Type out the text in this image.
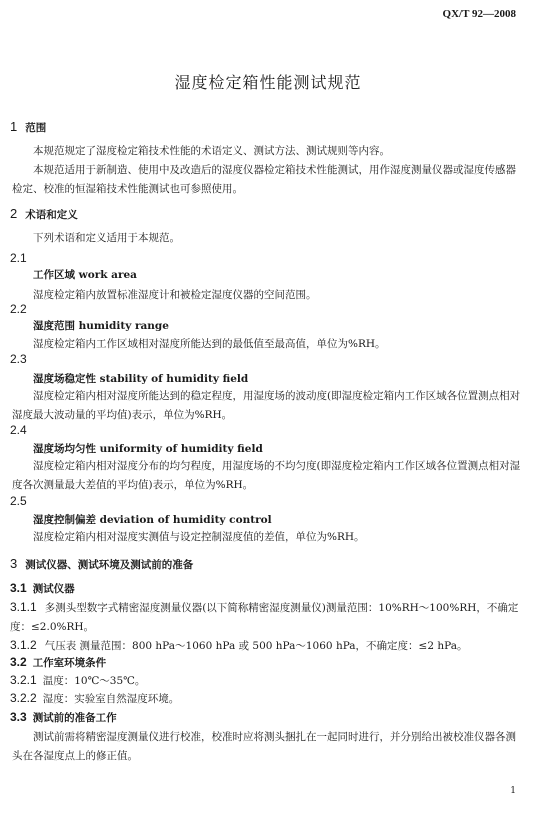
QX/T 92—2008
湿度检定箱性能测试规范
1 范围
本规范规定了湿度检定箱技术性能的术语定义、测试方法、测试规则等内容。
本规范适用于新制造、使用中及改造后的湿度仪器检定箱技术性能测试，用作湿度测量仪器或湿度传感器检定、校准的恒湿箱技术性能测试也可参照使用。
2 术语和定义
下列术语和定义适用于本规范。
2.1
工作区域 work area
湿度检定箱内放置标准湿度计和被检定湿度仪器的空间范围。
2.2
湿度范围 humidity range
湿度检定箱内工作区域相对湿度所能达到的最低值至最高值，单位为%RH。
2.3
湿度场稳定性 stability of humidity field
湿度检定箱内相对湿度所能达到的稳定程度，用湿度场的波动度(即湿度检定箱内工作区域各位置测点相对湿度最大波动量的平均值)表示，单位为%RH。
2.4
湿度场均匀性 uniformity of humidity field
湿度检定箱内相对湿度分布的均匀程度，用湿度场的不均匀度(即湿度检定箱内工作区域各位置测点相对湿度各次测量最大差值的平均值)表示，单位为%RH。
2.5
湿度控制偏差 deviation of humidity control
湿度检定箱内相对湿度实测值与设定控制湿度值的差值，单位为%RH。
3 测试仪器、测试环境及测试前的准备
3.1 测试仪器
3.1.1 多测头型数字式精密湿度测量仪器(以下简称精密湿度测量仪)测量范围：10%RH～100%RH，不确定度：≤2.0%RH。
3.1.2 气压表 测量范围：800 hPa～1060 hPa 或 500 hPa～1060 hPa，不确定度：≤2 hPa。
3.2 工作室环境条件
3.2.1 温度：10℃～35℃。
3.2.2 湿度：实验室自然湿度环境。
3.3 测试前的准备工作
测试前需将精密湿度测量仪进行校准，校准时应将测头捆扎在一起同时进行，并分别给出被校准仪器各测头在各湿度点上的修正值。
1
